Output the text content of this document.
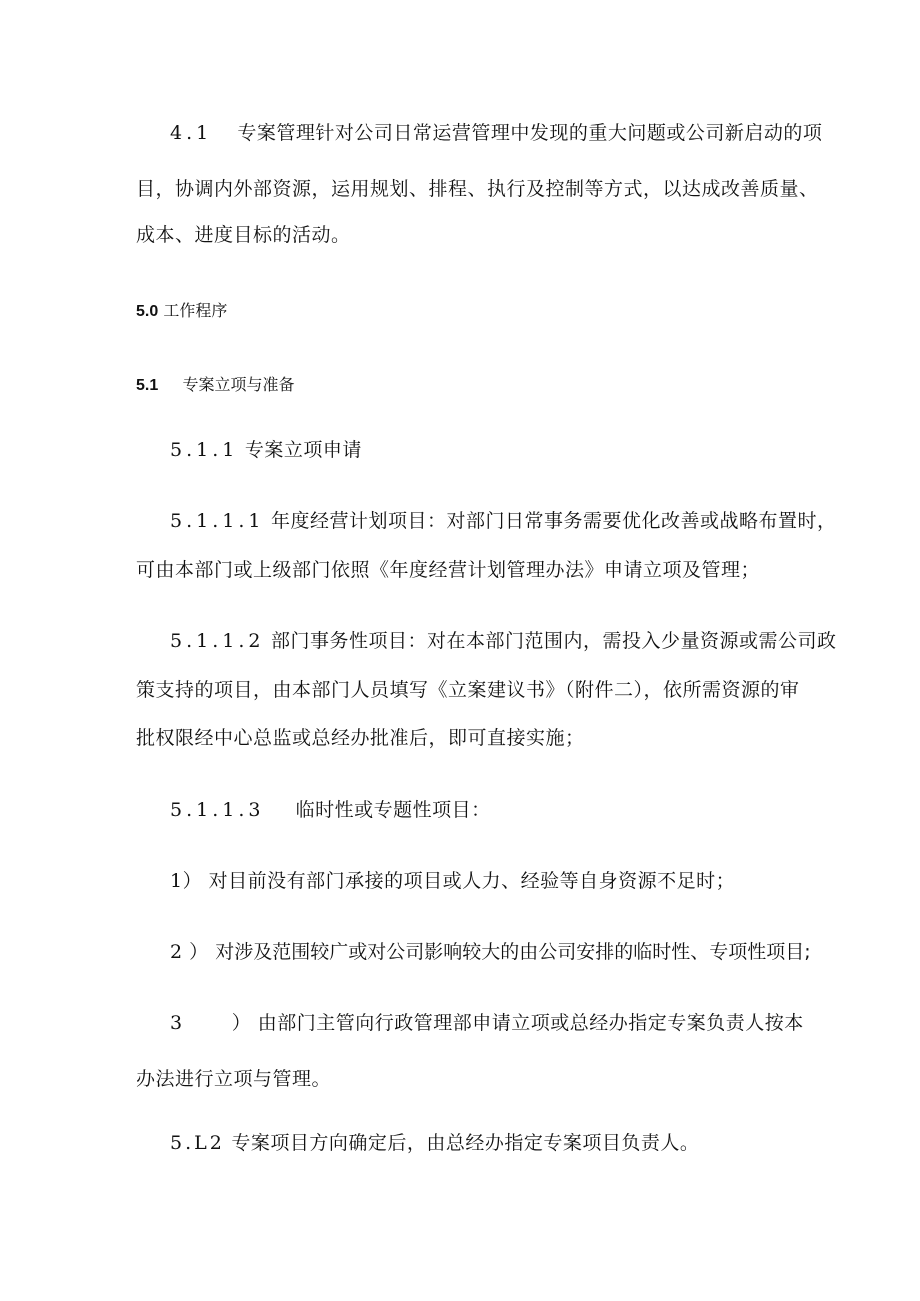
4.1 专案管理针对公司日常运营管理中发现的重大问题或公司新启动的项
目，协调内外部资源，运用规划、排程、执行及控制等方式，以达成改善质量、
成本、进度目标的活动。
5.0 工作程序
5.1 专案立项与准备
5.1.1 专案立项申请
5.1.1.1 年度经营计划项目：对部门日常事务需要优化改善或战略布置时，
可由本部门或上级部门依照《年度经营计划管理办法》申请立项及管理；
5.1.1.2 部门事务性项目：对在本部门范围内，需投入少量资源或需公司政
策支持的项目，由本部门人员填写《立案建议书》（附件二），依所需资源的审
批权限经中心总监或总经办批准后，即可直接实施；
5.1.1.3 临时性或专题性项目：
1） 对目前没有部门承接的项目或人力、经验等自身资源不足时；
2 ） 对涉及范围较广或对公司影响较大的由公司安排的临时性、专项性项目;
3	） 由部门主管向行政管理部申请立项或总经办指定专案负责人按本
办法进行立项与管理。
5.L2 专案项目方向确定后，由总经办指定专案项目负责人。
